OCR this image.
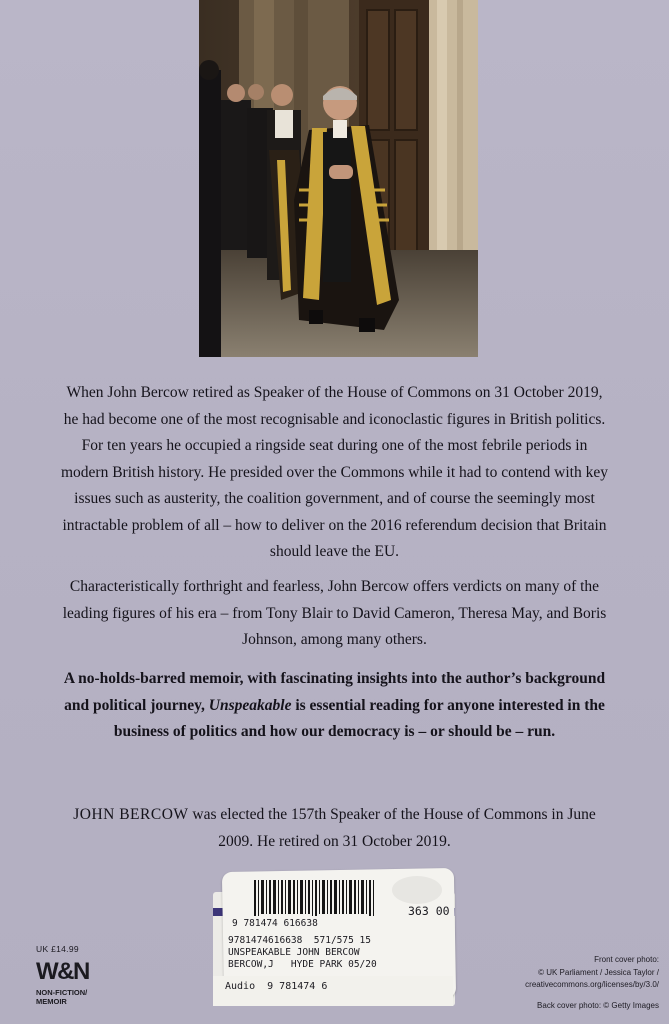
When John Bercow retired as Speaker of the House of Commons on 31 October 2019, he had become one of the most recognisable and iconoclastic figures in British politics. For ten years he occupied a ringside seat during one of the most febrile periods in modern British history. He presided over the Commons while it had to contend with key issues such as austerity, the coalition government, and of course the seemingly most intractable problem of all – how to deliver on the 2016 referendum decision that Britain should leave the EU.

Characteristically forthright and fearless, John Bercow offers verdicts on many of the leading figures of his era – from Tony Blair to David Cameron, Theresa May, and Boris Johnson, among many others.

A no-holds-barred memoir, with fascinating insights into the author’s background and political journey, Unspeakable is essential reading for anyone interested in the business of politics and how our democracy is – or should be – run.

JOHN BERCOW was elected the 157th Speaker of the House of Commons in June 2009. He retired on 31 October 2019.

UK £14.99
W&N
NON-FICTION/
MEMOIR
Front cover photo:
© UK Parliament / Jessica Taylor /
creativecommons.org/licenses/by/3.0/
Back cover photo: © Getty Images
9 781474 616638
363 00
9781474616638  571/575 15
UNSPEAKABLE JOHN BERCOW
BERCOW,J   HYDE PARK 05/20
Audio  9 781474 6
